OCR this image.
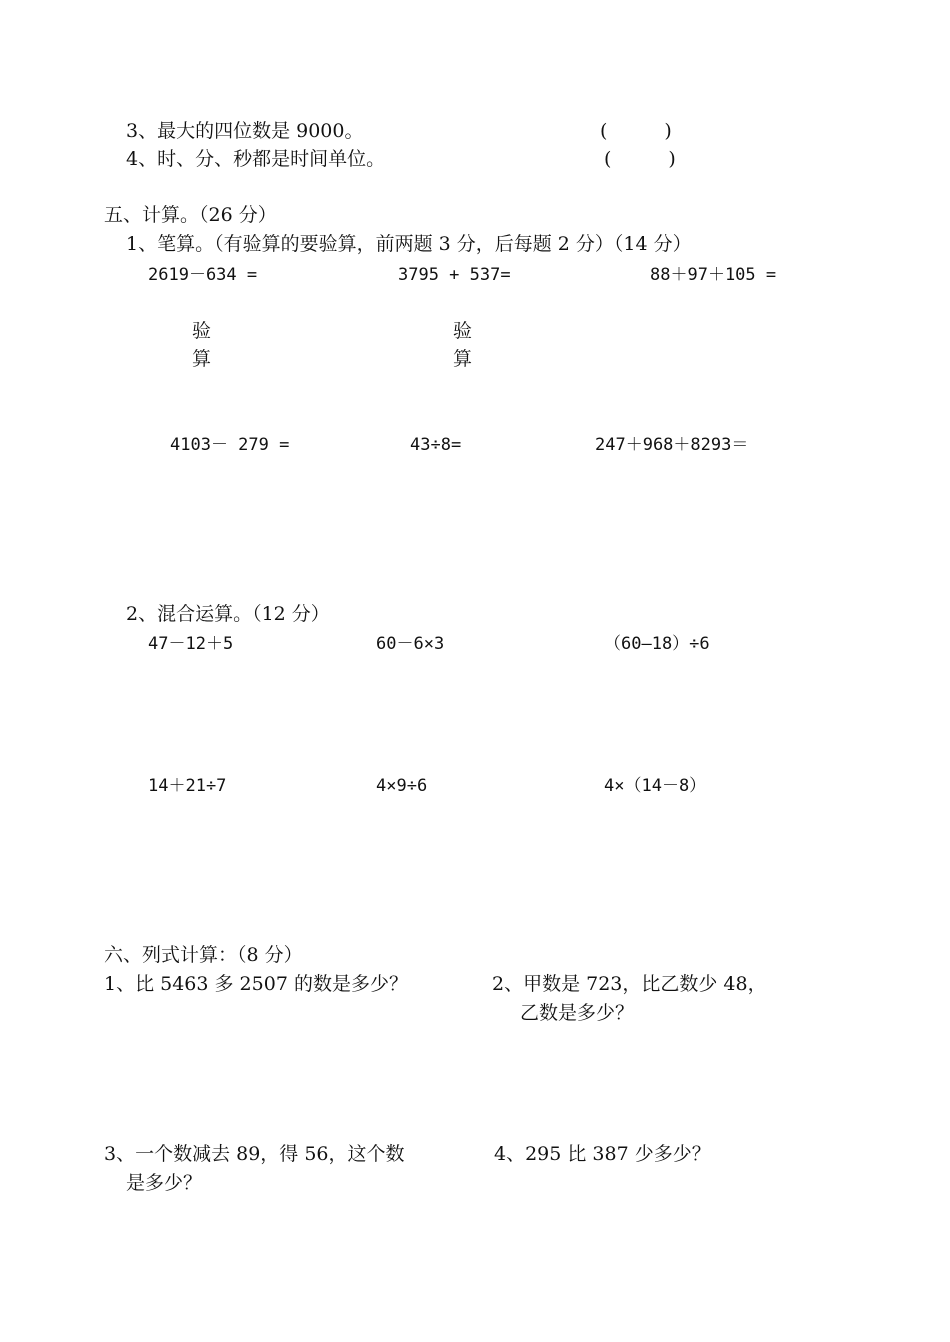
3、最大的四位数是 9000。	(　　　)
4、时、分、秒都是时间单位。	(　　　)
五、计算。（26 分）
1、笔算。（有验算的要验算，前两题 3 分，后每题 2 分）（14 分）
2619－634 =	3795 + 537=	88＋97＋105 =
验
算
验
算
4103－ 279 =	43÷8=	247＋968＋8293＝
2、混合运算。（12 分）
47－12＋5	60－6×3	（60—18）÷6
14＋21÷7	4×9÷6	4×（14－8）
六、列式计算：（8 分）
1、比 5463 多 2507 的数是多少？	2、甲数是 723，比乙数少 48，
乙数是多少？
3、一个数减去 89，得 56，这个数
是多少？
4、295 比 387 少多少？
